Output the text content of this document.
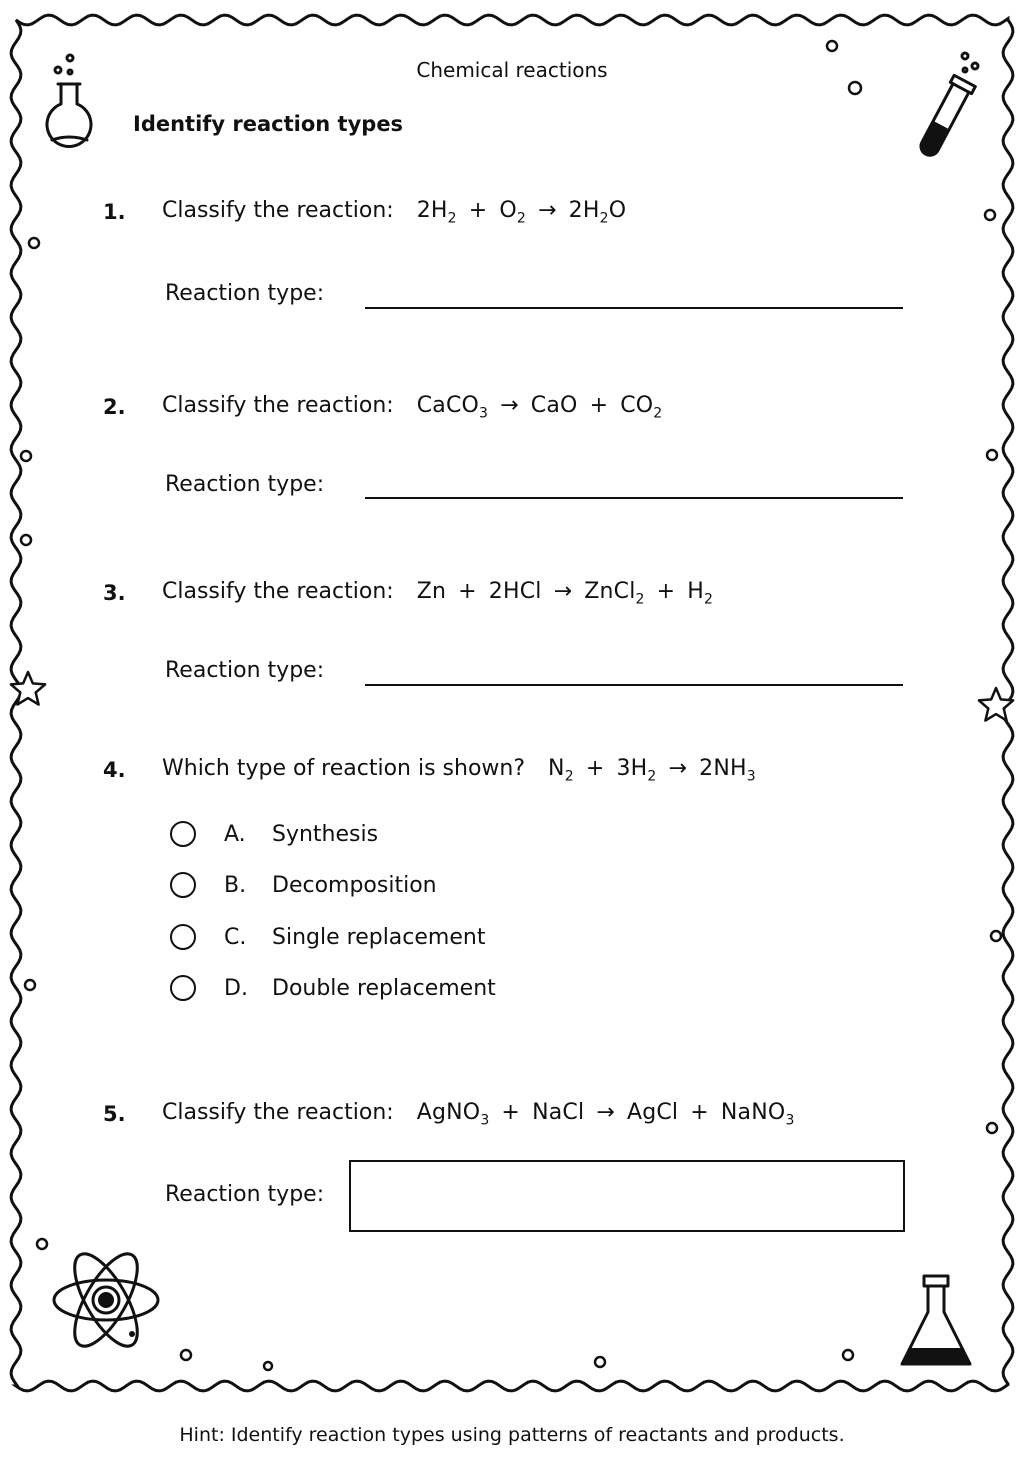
Chemical reactions
Identify reaction types
1. Classify the reaction: $2H_2 + O_2 \to 2H_2O$
Reaction type:
2. Classify the reaction: CaCO$_3$ → CaO + $CO_2$
Reaction type:
3. Classify the reaction: Zn + 2HCl → ZnCl$_2$ + $H_2$
Reaction type:
4. Which type of reaction is shown? $N_2 + 3H_2 \to 2NH_3$
A.	Synthesis
B.	Decomposition
C.	Single replacement
D.	Double replacement
5. Classify the reaction: AgNO$_3$ + NaCl → AgCl + NaNO$_3$
Reaction type:
Hint: Identify reaction types using patterns of reactants and products.
